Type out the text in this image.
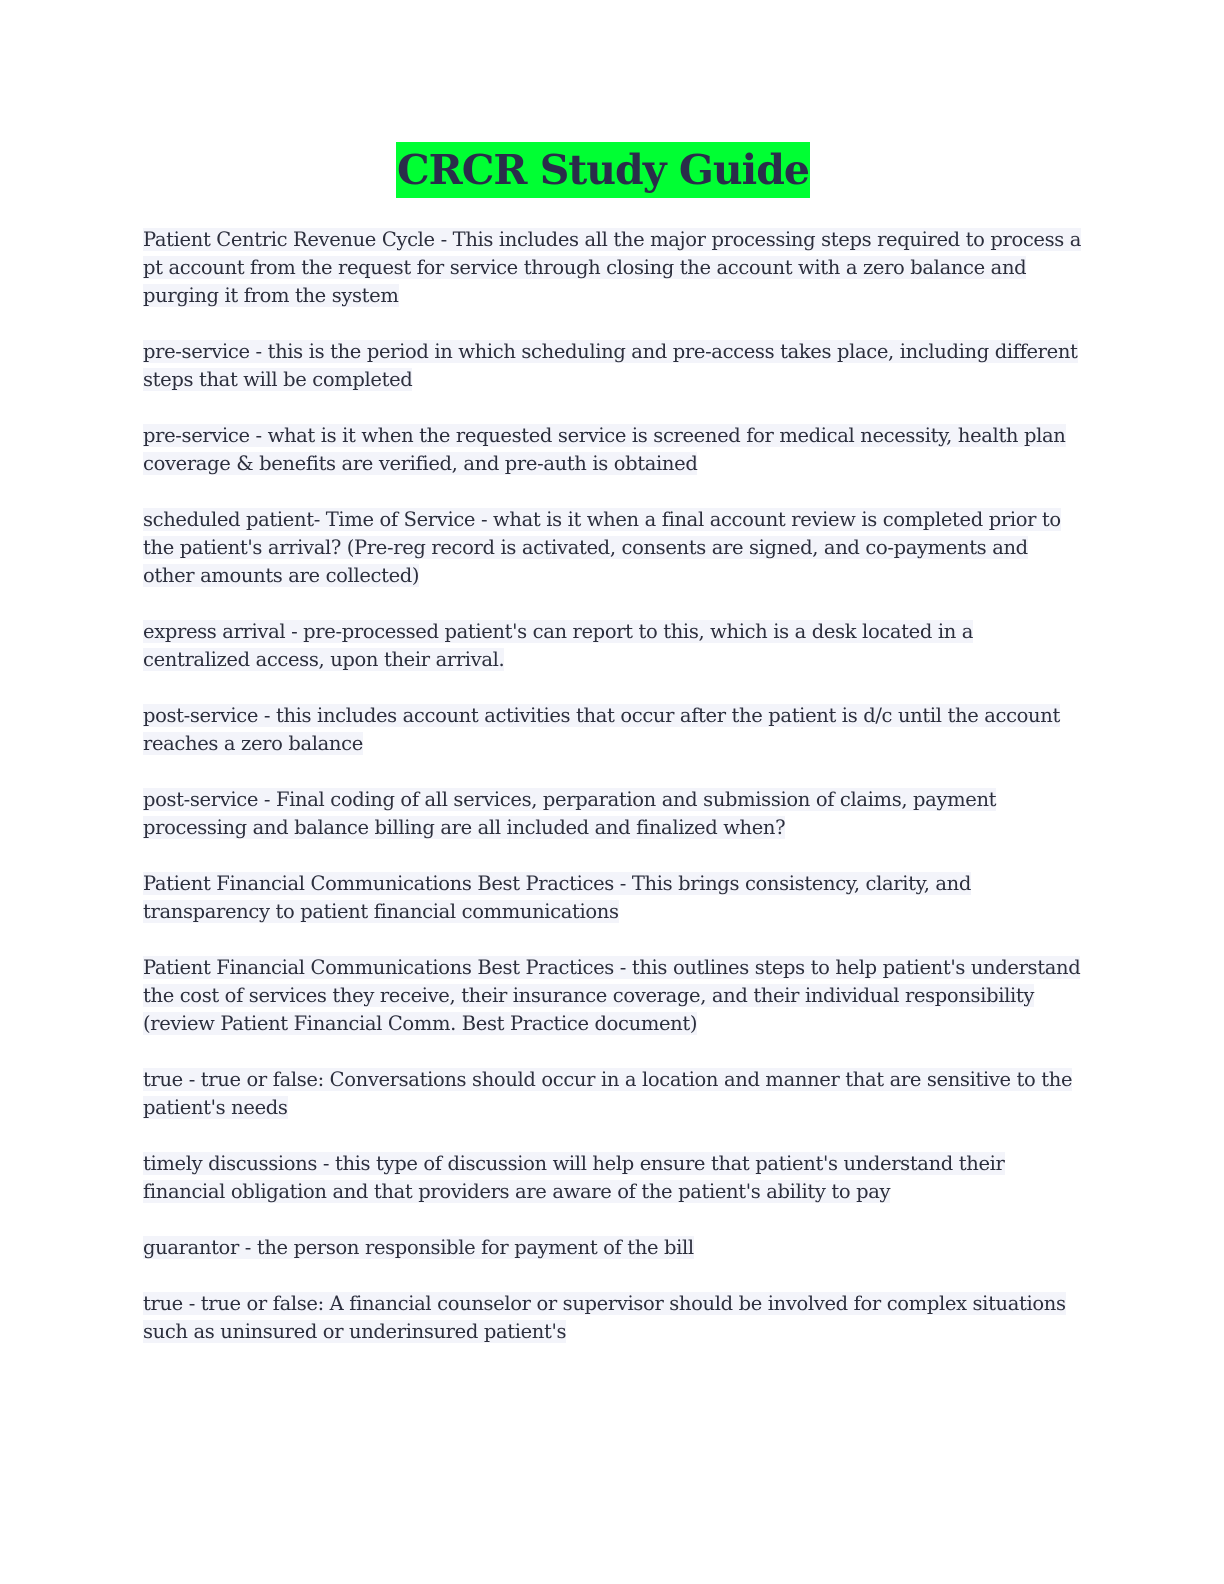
CRCR Study Guide

Patient Centric Revenue Cycle - This includes all the major processing steps required to process a pt account from the request for service through closing the account with a zero balance and purging it from the system

pre-service - this is the period in which scheduling and pre-access takes place, including different steps that will be completed

pre-service - what is it when the requested service is screened for medical necessity, health plan coverage & benefits are verified, and pre-auth is obtained

scheduled patient- Time of Service - what is it when a final account review is completed prior to the patient's arrival? (Pre-reg record is activated, consents are signed, and co-payments and other amounts are collected)

express arrival - pre-processed patient's can report to this, which is a desk located in a centralized access, upon their arrival.

post-service - this includes account activities that occur after the patient is d/c until the account reaches a zero balance

post-service - Final coding of all services, perparation and submission of claims, payment processing and balance billing are all included and finalized when?

Patient Financial Communications Best Practices - This brings consistency, clarity, and transparency to patient financial communications

Patient Financial Communications Best Practices - this outlines steps to help patient's understand the cost of services they receive, their insurance coverage, and their individual responsibility (review Patient Financial Comm. Best Practice document)

true - true or false: Conversations should occur in a location and manner that are sensitive to the patient's needs

timely discussions - this type of discussion will help ensure that patient's understand their financial obligation and that providers are aware of the patient's ability to pay

guarantor - the person responsible for payment of the bill

true - true or false: A financial counselor or supervisor should be involved for complex situations such as uninsured or underinsured patient's
